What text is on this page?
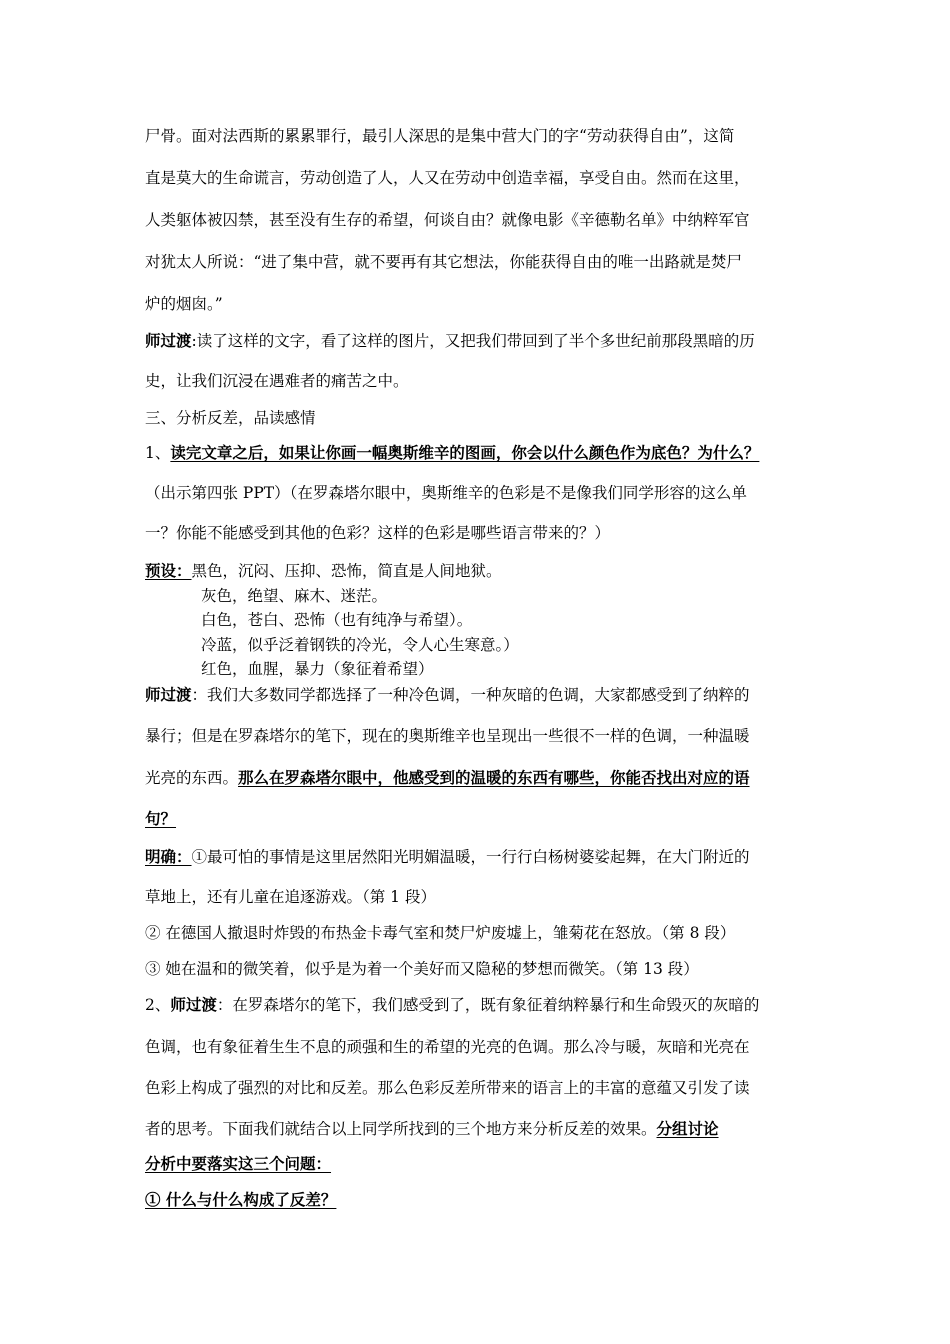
尸骨。面对法西斯的累累罪行，最引人深思的是集中营大门的字“劳动获得自由”，这简
直是莫大的生命谎言，劳动创造了人，人又在劳动中创造幸福，享受自由。然而在这里，
人类躯体被囚禁，甚至没有生存的希望，何谈自由？就像电影《辛德勒名单》中纳粹军官
对犹太人所说：“进了集中营，就不要再有其它想法，你能获得自由的唯一出路就是焚尸
炉的烟囱。”
师过渡:读了这样的文字，看了这样的图片，又把我们带回到了半个多世纪前那段黑暗的历
史，让我们沉浸在遇难者的痛苦之中。
三、分析反差，品读感情
1、读完文章之后，如果让你画一幅奥斯维辛的图画，你会以什么颜色作为底色？为什么？
（出示第四张 PPT）（在罗森塔尔眼中，奥斯维辛的色彩是不是像我们同学形容的这么单
一？你能不能感受到其他的色彩？这样的色彩是哪些语言带来的？）
预设：黑色，沉闷、压抑、恐怖，简直是人间地狱。
灰色，绝望、麻木、迷茫。
白色，苍白、恐怖（也有纯净与希望）。
冷蓝，似乎泛着钢铁的冷光，令人心生寒意。）
红色，血腥，暴力（象征着希望）
师过渡：我们大多数同学都选择了一种冷色调，一种灰暗的色调，大家都感受到了纳粹的
暴行；但是在罗森塔尔的笔下，现在的奥斯维辛也呈现出一些很不一样的色调，一种温暖
光亮的东西。那么在罗森塔尔眼中，他感受到的温暖的东西有哪些，你能否找出对应的语
句？
明确：①最可怕的事情是这里居然阳光明媚温暖，一行行白杨树婆娑起舞，在大门附近的
草地上，还有儿童在追逐游戏。（第 1 段）
② 在德国人撤退时炸毁的布热金卡毒气室和焚尸炉废墟上，雏菊花在怒放。（第 8 段）
③ 她在温和的微笑着，似乎是为着一个美好而又隐秘的梦想而微笑。（第 13 段）
2、师过渡：在罗森塔尔的笔下，我们感受到了，既有象征着纳粹暴行和生命毁灭的灰暗的
色调，也有象征着生生不息的顽强和生的希望的光亮的色调。那么冷与暖，灰暗和光亮在
色彩上构成了强烈的对比和反差。那么色彩反差所带来的语言上的丰富的意蕴又引发了读
者的思考。下面我们就结合以上同学所找到的三个地方来分析反差的效果。分组讨论
分析中要落实这三个问题：
① 什么与什么构成了反差？
